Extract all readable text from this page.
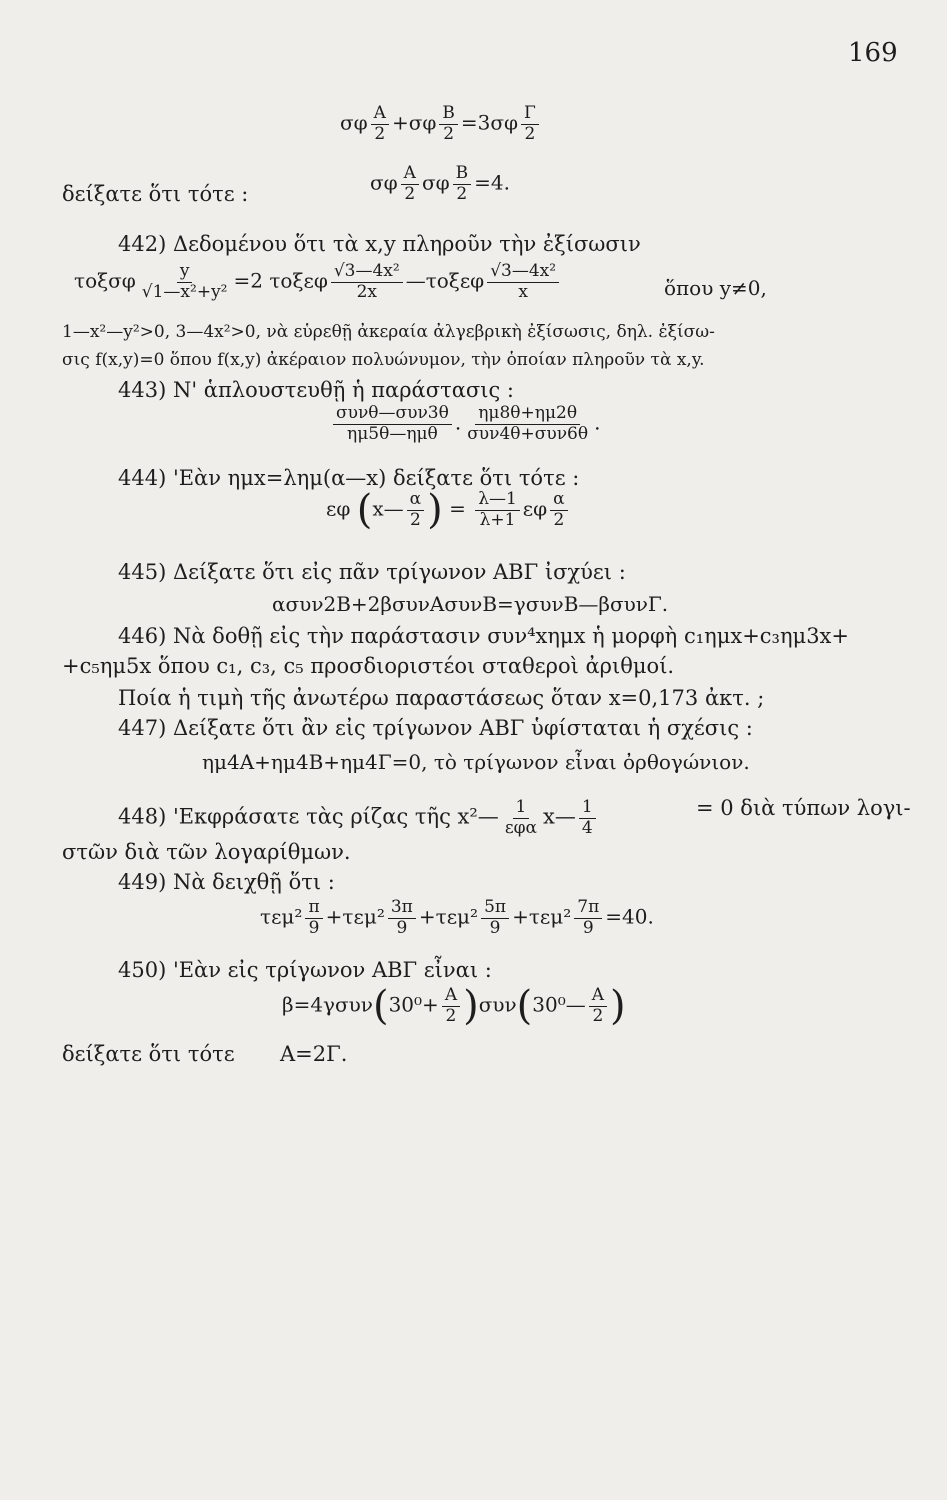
169
σφ $\frac{A}{2} +\sigma\varphi \frac{B}{2} =3\sigma\varphi \frac{\Gamma}{2}$
δείξατε ὅτι τότε :	σφ $\frac{A}{2}$ σφ $\frac{B}{2} =4$.
442) Δεδομένου ὅτι τὰ x,y πληροῦν τὴν ἐξίσωσιν
τοξσφ $\frac{y}{\text{√1—x²+y²}} =2$ τοξεφ $\frac{\text{√3—4x²}}{2x}$ —τοξεφ $\frac{\text{√3—4x²}}{x}$	ὅπου y≠0,
1—x²—y²>0, 3—4x²>0, νὰ εὑρεθῇ ἀκεραία ἀλγεβρικὴ ἐξίσωσις, δηλ. ἐξίσω-
σις f(x,y)=0 ὅπου f(x,y) ἀκέραιον πολυώνυμον, τὴν ὁποίαν πληροῦν τὰ x,y.
443) Ν' ἁπλουστευθῇ ἡ παράστασις :
$\frac{\text{συνθ—συν3θ}}{\text{ημ5θ—ημθ}}$ . $\frac{\eta\mu 8\theta+\eta\mu 2\theta}{\text{συν4θ+συν6θ}}$ .
444) 'Εὰν ημx=λημ(α—x) δείξατε ὅτι τότε :
εφ (x— $\frac{\alpha}{2}$ ) = $\frac{\lambda—1}{\lambda+1}$ εφ $\frac{\alpha}{2}$
445) Δείξατε ὅτι εἰς πᾶν τρίγωνον ΑΒΓ ἰσχύει :
ασυν2Β+2βσυνΑσυνΒ=γσυνΒ—βσυνΓ.
446) Νὰ δοθῇ εἰς τὴν παράστασιν συν⁴xημx ἡ μορφὴ c₁ημx+c₃ημ3x+
+c₅ημ5x ὅπου c₁, c₃, c₅ προσδιοριστέοι σταθεροὶ ἀριθμοί.
Ποία ἡ τιμὴ τῆς ἀνωτέρω παραστάσεως ὅταν x=0,173 ἀκτ. ;
447) Δείξατε ὅτι ἂν εἰς τρίγωνον ΑΒΓ ὑφίσταται ἡ σχέσις :
ημ4Α+ημ4Β+ημ4Γ=0, τὸ τρίγωνον εἶναι ὀρθογώνιον.
448) 'Εκφράσατε τὰς ρίζας τῆς x²— $\frac{1}{\text{εφα}}$ x— $\frac{1}{4}$	= 0 διὰ τύπων λογι-
στῶν διὰ τῶν λογαρίθμων.
449) Νὰ δειχθῇ ὅτι :
$\tau\varepsilon\mu^2 \frac{\pi}{9} +\tau\varepsilon\mu^2 \frac{3\pi}{9} +\tau\varepsilon\mu^2 \frac{5\pi}{9} +\tau\varepsilon\mu^2 \frac{7\pi}{9} =40$.
450) 'Εὰν εἰς τρίγωνον ΑΒΓ εἶναι :
$\beta=4\gamma\sigma\upsilon\nu(30^0+ \frac{A}{2}$ )συν(30⁰— $\frac{A}{2}$ )
δείξατε ὅτι τότε Α=2Γ.
